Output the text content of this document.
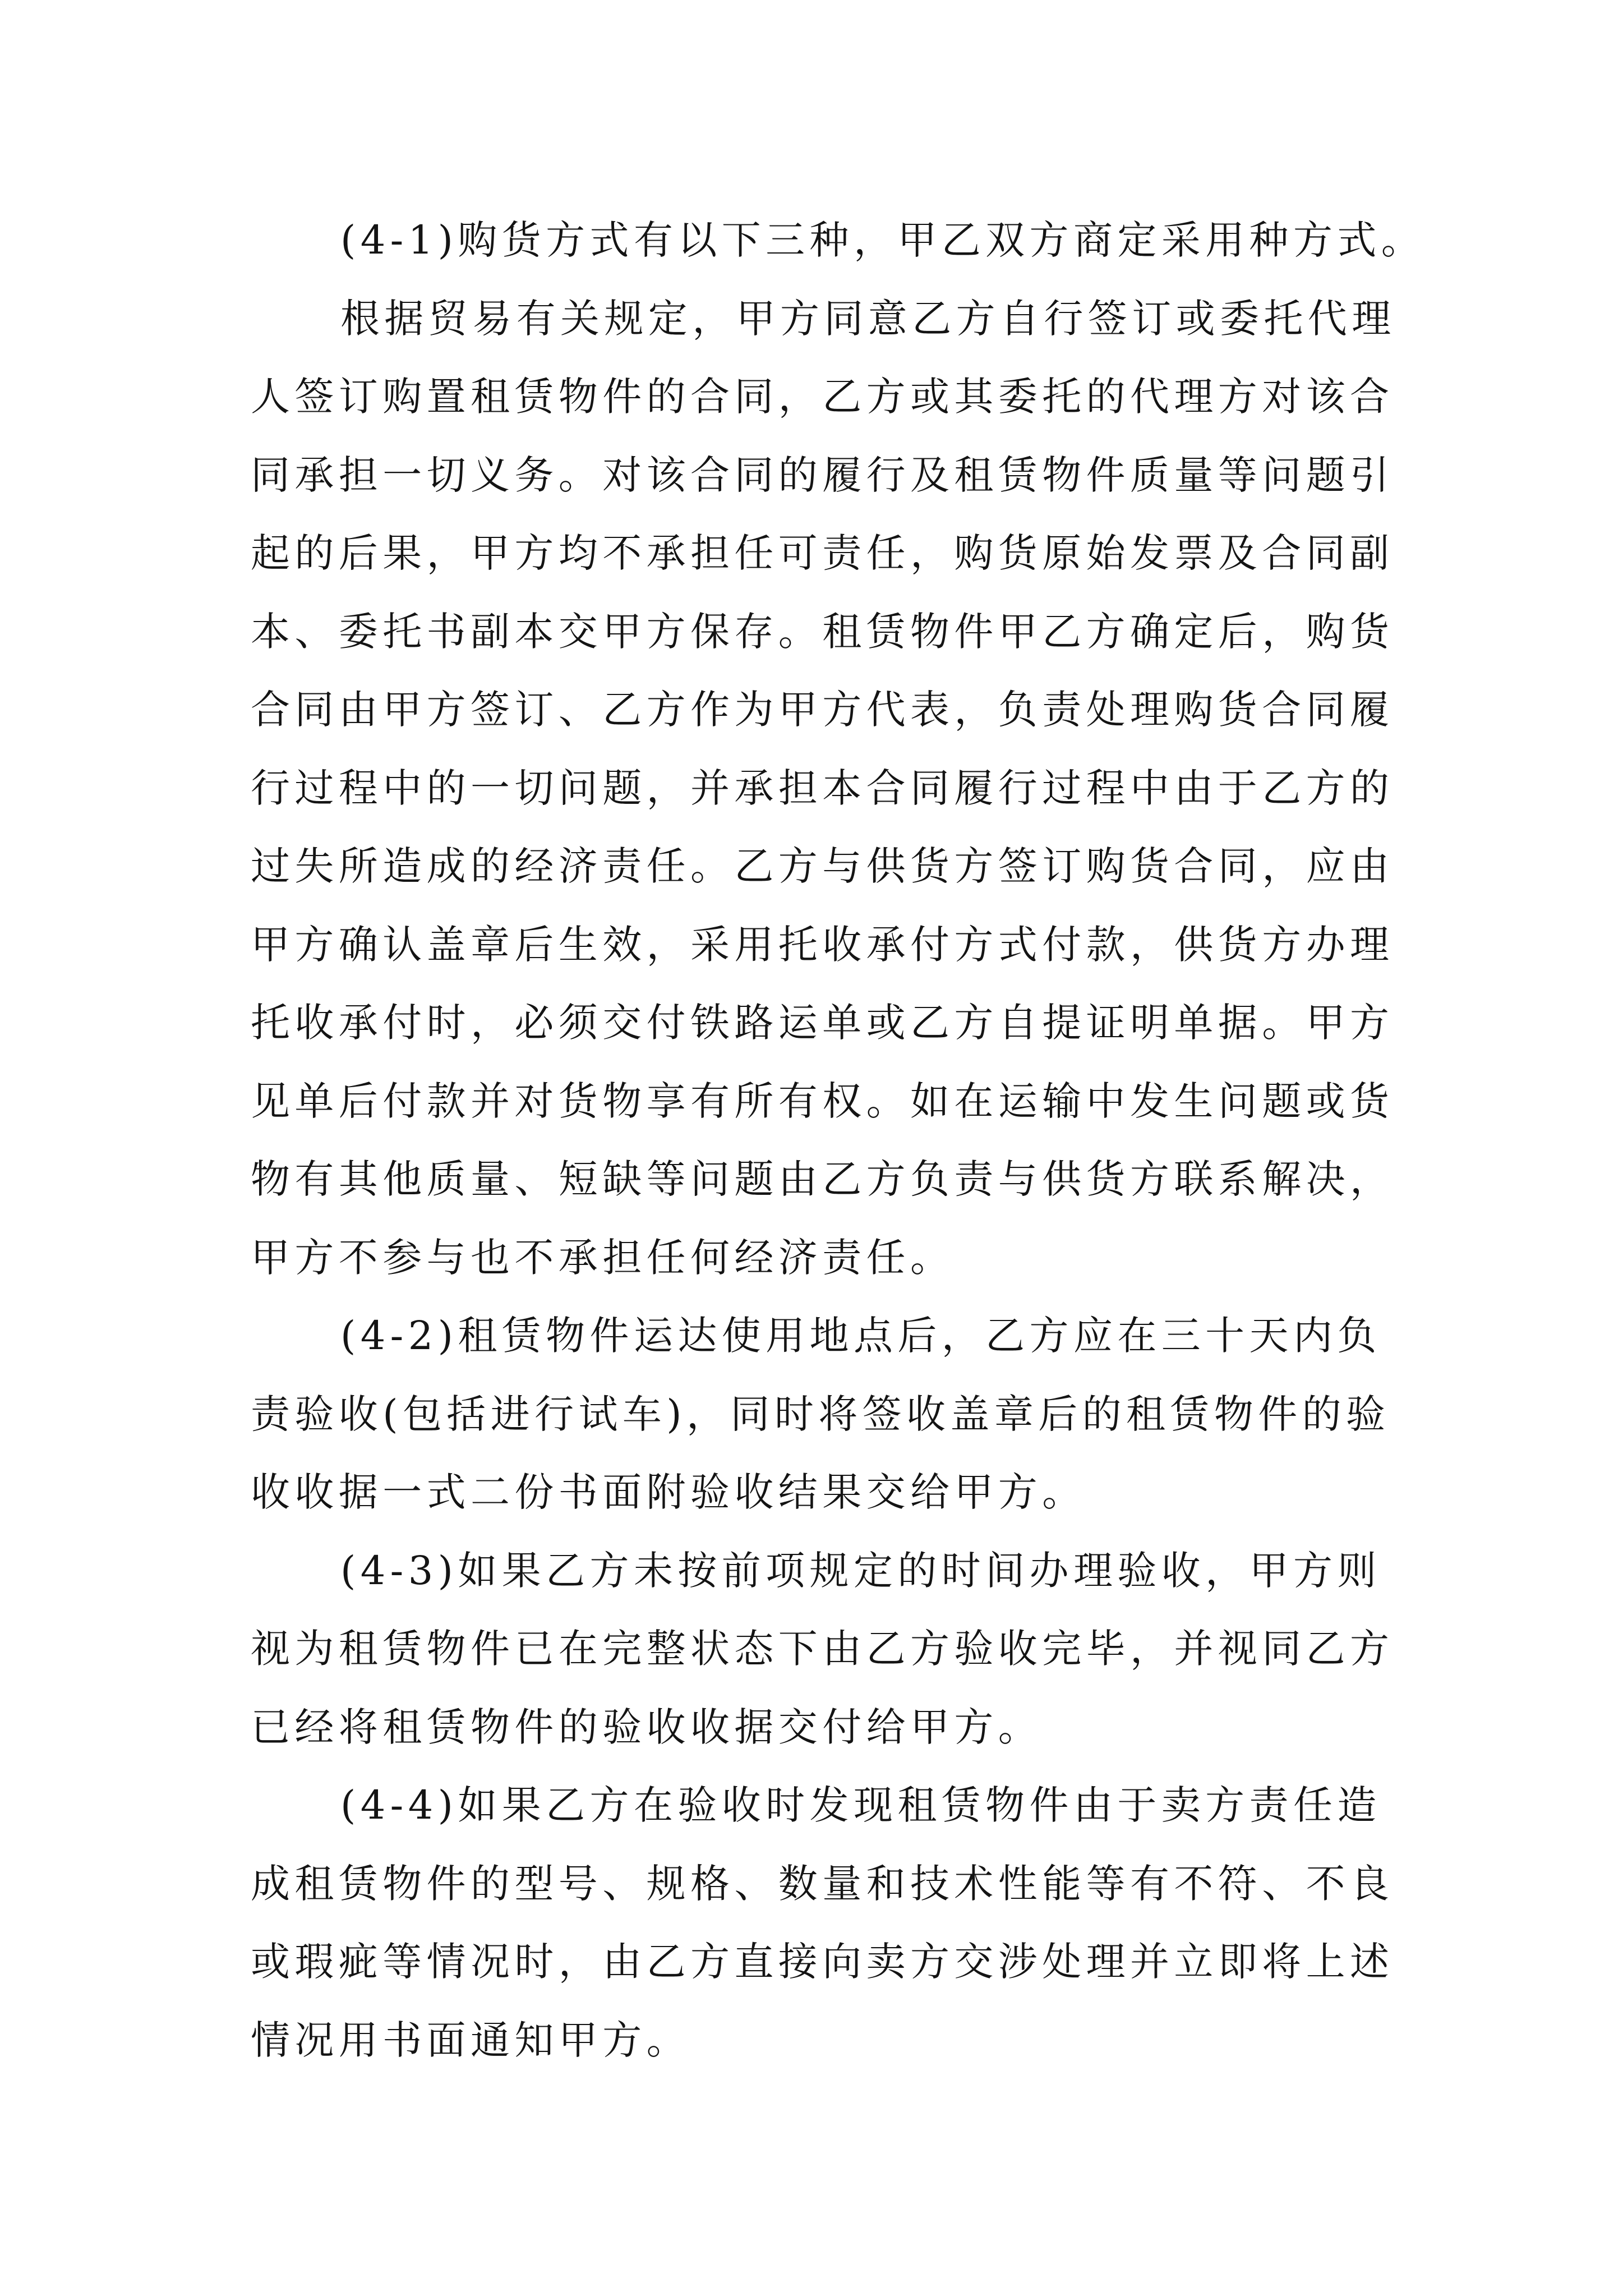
(4-1)购货方式有以下三种，甲乙双方商定采用种方式。
根据贸易有关规定，甲方同意乙方自行签订或委托代理
人签订购置租赁物件的合同，乙方或其委托的代理方对该合
同承担一切义务。对该合同的履行及租赁物件质量等问题引
起的后果，甲方均不承担任可责任，购货原始发票及合同副
本、委托书副本交甲方保存。租赁物件甲乙方确定后，购货
合同由甲方签订、乙方作为甲方代表，负责处理购货合同履
行过程中的一切问题，并承担本合同履行过程中由于乙方的
过失所造成的经济责任。乙方与供货方签订购货合同，应由
甲方确认盖章后生效，采用托收承付方式付款，供货方办理
托收承付时，必须交付铁路运单或乙方自提证明单据。甲方
见单后付款并对货物享有所有权。如在运输中发生问题或货
物有其他质量、短缺等问题由乙方负责与供货方联系解决，
甲方不参与也不承担任何经济责任。
(4-2)租赁物件运达使用地点后，乙方应在三十天内负
责验收(包括进行试车)，同时将签收盖章后的租赁物件的验
收收据一式二份书面附验收结果交给甲方。
(4-3)如果乙方未按前项规定的时间办理验收，甲方则
视为租赁物件已在完整状态下由乙方验收完毕，并视同乙方
已经将租赁物件的验收收据交付给甲方。
(4-4)如果乙方在验收时发现租赁物件由于卖方责任造
成租赁物件的型号、规格、数量和技术性能等有不符、不良
或瑕疵等情况时，由乙方直接向卖方交涉处理并立即将上述
情况用书面通知甲方。
